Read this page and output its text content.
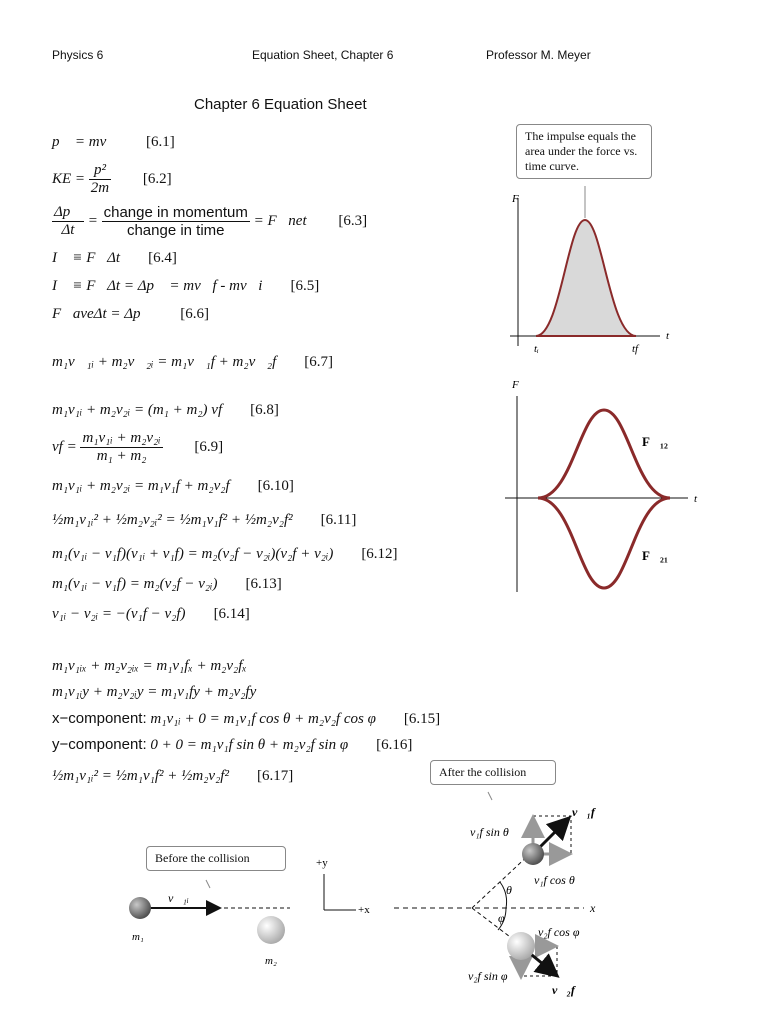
Physics 6	Equation Sheet, Chapter 6	Professor M. Meyer
Chapter 6 Equation Sheet
p⃗ = mv⃗ [6.1]
KE = $\frac{\text{p²}}{2m} [6.2]$
$\frac{\Delta p⃗}{\Delta t} = \frac{\text{change in momentum}}{\text{change in time}}$ = F⃗net [6.3]
I⃗ ≡ F⃗Δt [6.4]
I⃗ ≡ F⃗Δt = Δp⃗ = mv⃗f - mv⃗i [6.5]
F⃗aveΔt = Δp⃗ [6.6]
m₁v⃗₁ᵢ + m₂v⃗₂ᵢ = m₁v⃗₁f + m₂v⃗₂f [6.7]
m₁v₁ᵢ + m₂v₂ᵢ = (m₁ + m₂) vf [6.8]
vf = $\frac{\text{m₁v₁ᵢ + m₂v₂ᵢ}}{\text{m₁ + m₂}} [6.9]$
m₁v₁ᵢ + m₂v₂ᵢ = m₁v₁f + m₂v₂f [6.10]
½m₁v₁ᵢ² + ½m₂v₂ᵢ² = ½m₁v₁f² + ½m₂v₂f² [6.11]
m₁(v₁ᵢ − v₁f)(v₁ᵢ + v₁f) = m₂(v₂f − v₂ᵢ)(v₂f + v₂ᵢ) [6.12]
m₁(v₁ᵢ − v₁f) = m₂(v₂f − v₂ᵢ) [6.13]
v₁ᵢ − v₂ᵢ = −(v₁f − v₂f) [6.14]
m₁v₁ᵢₓ + m₂v₂ᵢₓ = m₁v₁fₓ + m₂v₂fₓ
m₁v₁ᵢy + m₂v₂ᵢy = m₁v₁fy + m₂v₂fy
x−component: m₁v₁ᵢ + 0 = m₁v₁f cos θ + m₂v₂f cos φ [6.15]
y−component: 0 + 0 = m₁v₁f sin θ + m₂v₂f sin φ [6.16]
½m₁v₁ᵢ² = ½m₁v₁f² + ½m₂v₂f² [6.17]
The impulse equals the area under the force vs. time curve.
F
t
tᵢ	tf
F
t
F⃗₁₂
F⃗₂₁
Before the collision
After the collision
v⃗₁ᵢ
m₁
m₂
+y
+x	x
θ
φ
v⃗₁f
v₁f sin θ
v₁f cos θ
v₂f cos φ
v₂f sin φ
v⃗₂f
